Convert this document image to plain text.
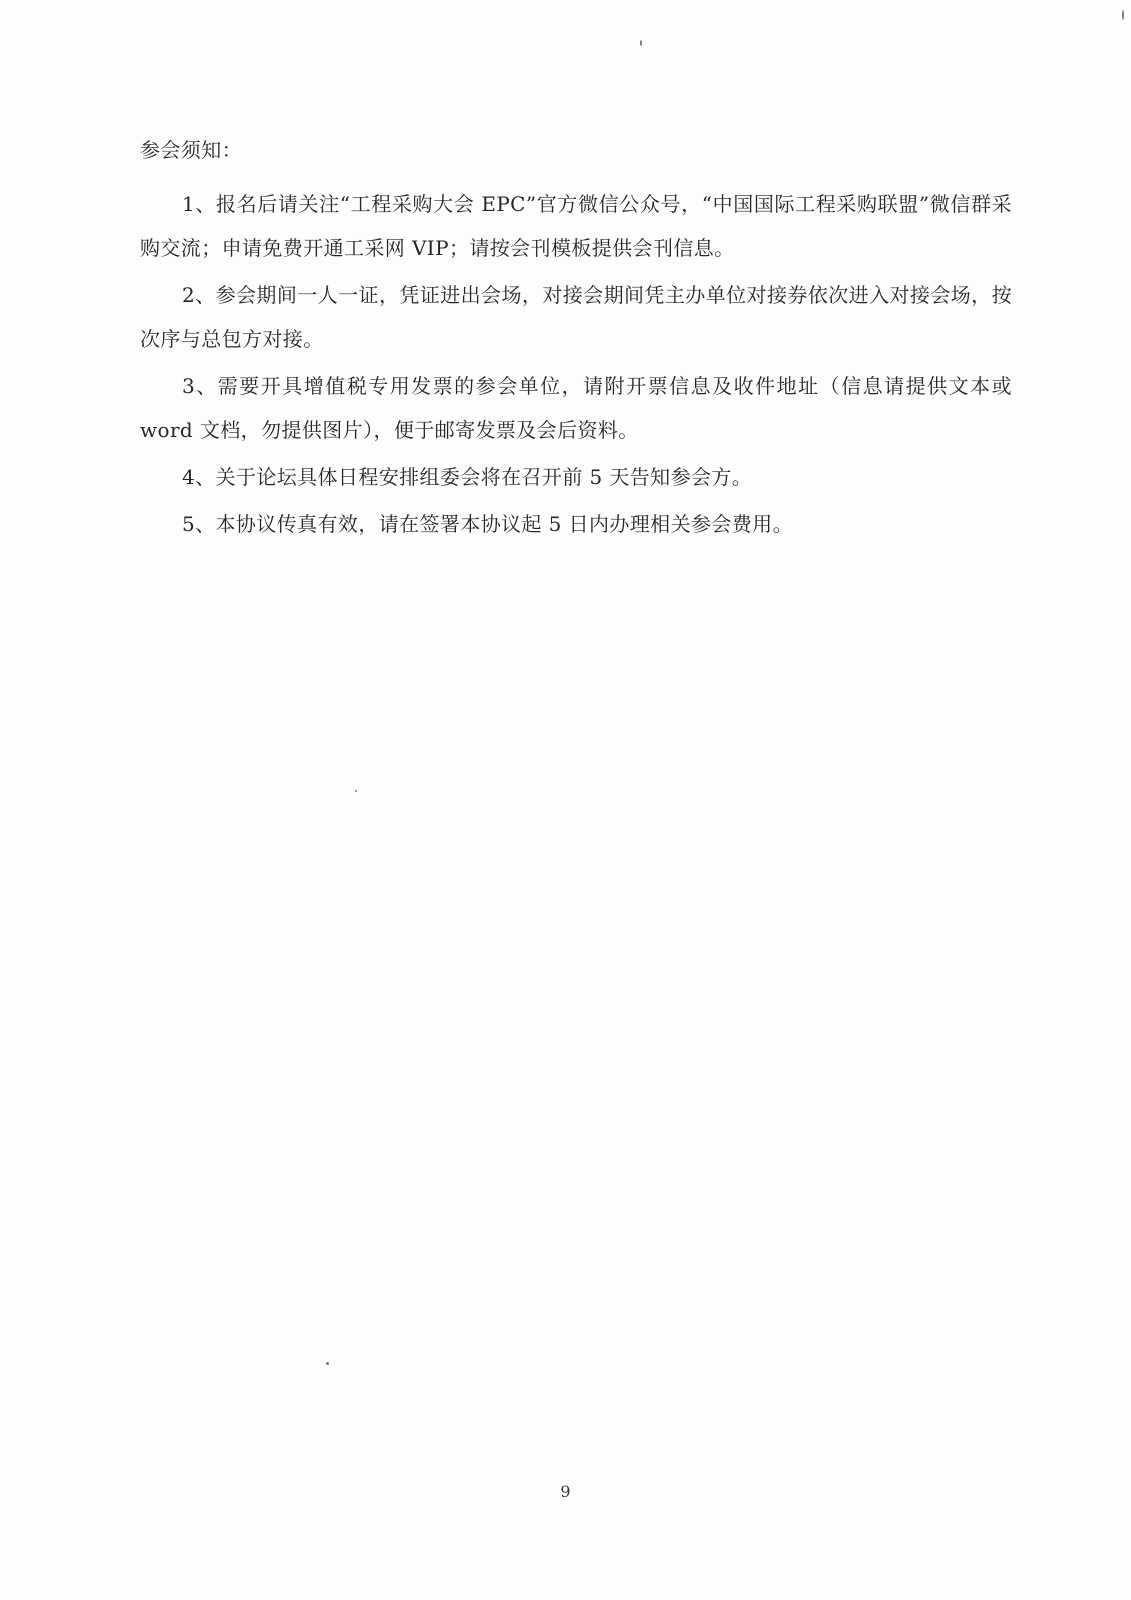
参会须知：

1、报名后请关注“工程采购大会 EPC”官方微信公众号，“中国国际工程采购联盟”微信群采购交流；申请免费开通工采网 VIP；请按会刊模板提供会刊信息。

2、参会期间一人一证，凭证进出会场，对接会期间凭主办单位对接券依次进入对接会场，按次序与总包方对接。

3、需要开具增值税专用发票的参会单位，请附开票信息及收件地址（信息请提供文本或 word 文档，勿提供图片），便于邮寄发票及会后资料。

4、关于论坛具体日程安排组委会将在召开前 5 天告知参会方。

5、本协议传真有效，请在签署本协议起 5 日内办理相关参会费用。

9
